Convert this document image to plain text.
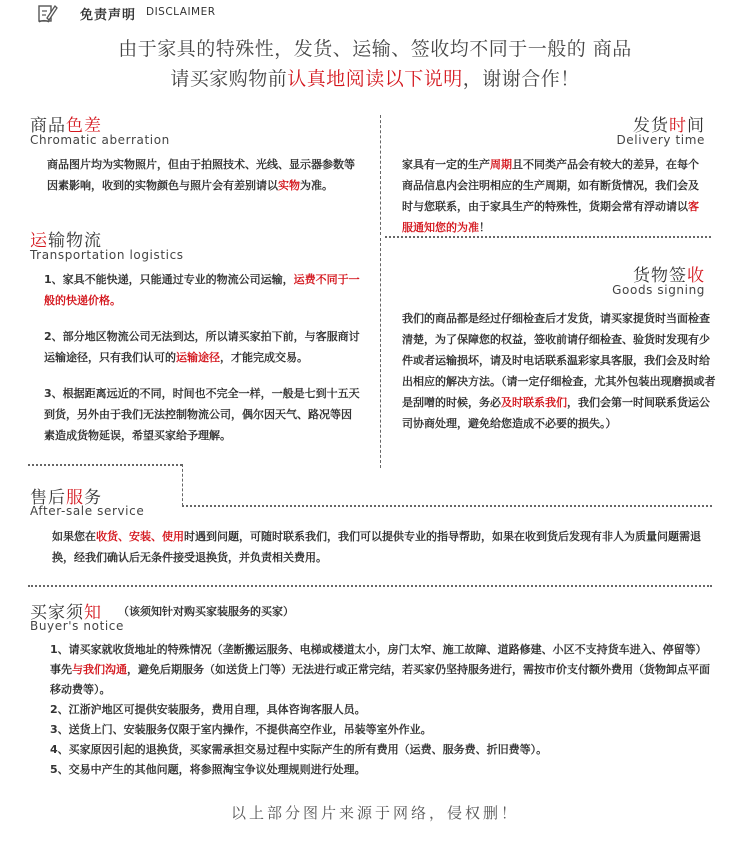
免责声明 DISCLAIMER
由于家具的特殊性，发货、运输、签收均不同于一般的 商品
请买家购物前认真地阅读以下说明，谢谢合作！
商品色差
Chromatic aberration
商品图片均为实物照片，但由于拍照技术、光线、显示器参数等因素影响，收到的实物颜色与照片会有差别请以实物为准。
发货时间
Delivery time
家具有一定的生产周期且不同类产品会有较大的差异，在每个商品信息内会注明相应的生产周期，如有断货情况，我们会及时与您联系，由于家具生产的特殊性，货期会常有浮动请以客服通知您的为准！
运输物流
Transportation logistics

1、家具不能快递，只能通过专业的物流公司运输，运费不同于一般的快递价格。

2、部分地区物流公司无法到达，所以请买家拍下前，与客服商讨运输途径，只有我们认可的运输途径，才能完成交易。

3、根据距离远近的不同，时间也不完全一样，一般是七到十五天到货，另外由于我们无法控制物流公司，偶尔因天气、路况等因素造成货物延误，希望买家给予理解。

货物签收
Goods signing
我们的商品都是经过仔细检查后才发货，请买家提货时当面检查清楚，为了保障您的权益，签收前请仔细检查、验货时发现有少件或者运输损坏，请及时电话联系温彩家具客服，我们会及时给出相应的解决方法。（请一定仔细检查，尤其外包装出现磨损或者是刮噌的时候，务必及时联系我们，我们会第一时间联系货运公司协商处理，避免给您造成不必要的损失。）
售后服务
After-sale service
如果您在收货、安装、使用时遇到问题，可随时联系我们，我们可以提供专业的指导帮助，如果在收到货后发现有非人为质量问题需退换，经我们确认后无条件接受退换货，并负责相关费用。
买家须知 （该须知针对购买家装服务的买家）
Buyer's notice

1、请买家就收货地址的特殊情况（垄断搬运服务、电梯或楼道太小，房门太窄、施工故障、道路修建、小区不支持货车进入、停留等）事先与我们沟通，避免后期服务（如送货上门等）无法进行或正常完结，若买家仍坚持服务进行，需按市价支付额外费用（货物卸点平面移动费等）。

2、江浙沪地区可提供安装服务，费用自理，具体咨询客服人员。

3、送货上门、安装服务仅限于室内操作，不提供高空作业，吊装等室外作业。

4、买家原因引起的退换货，买家需承担交易过程中实际产生的所有费用（运费、服务费、折旧费等）。

5、交易中产生的其他问题，将参照淘宝争议处理规则进行处理。

以上部分图片来源于网络，侵权删！
